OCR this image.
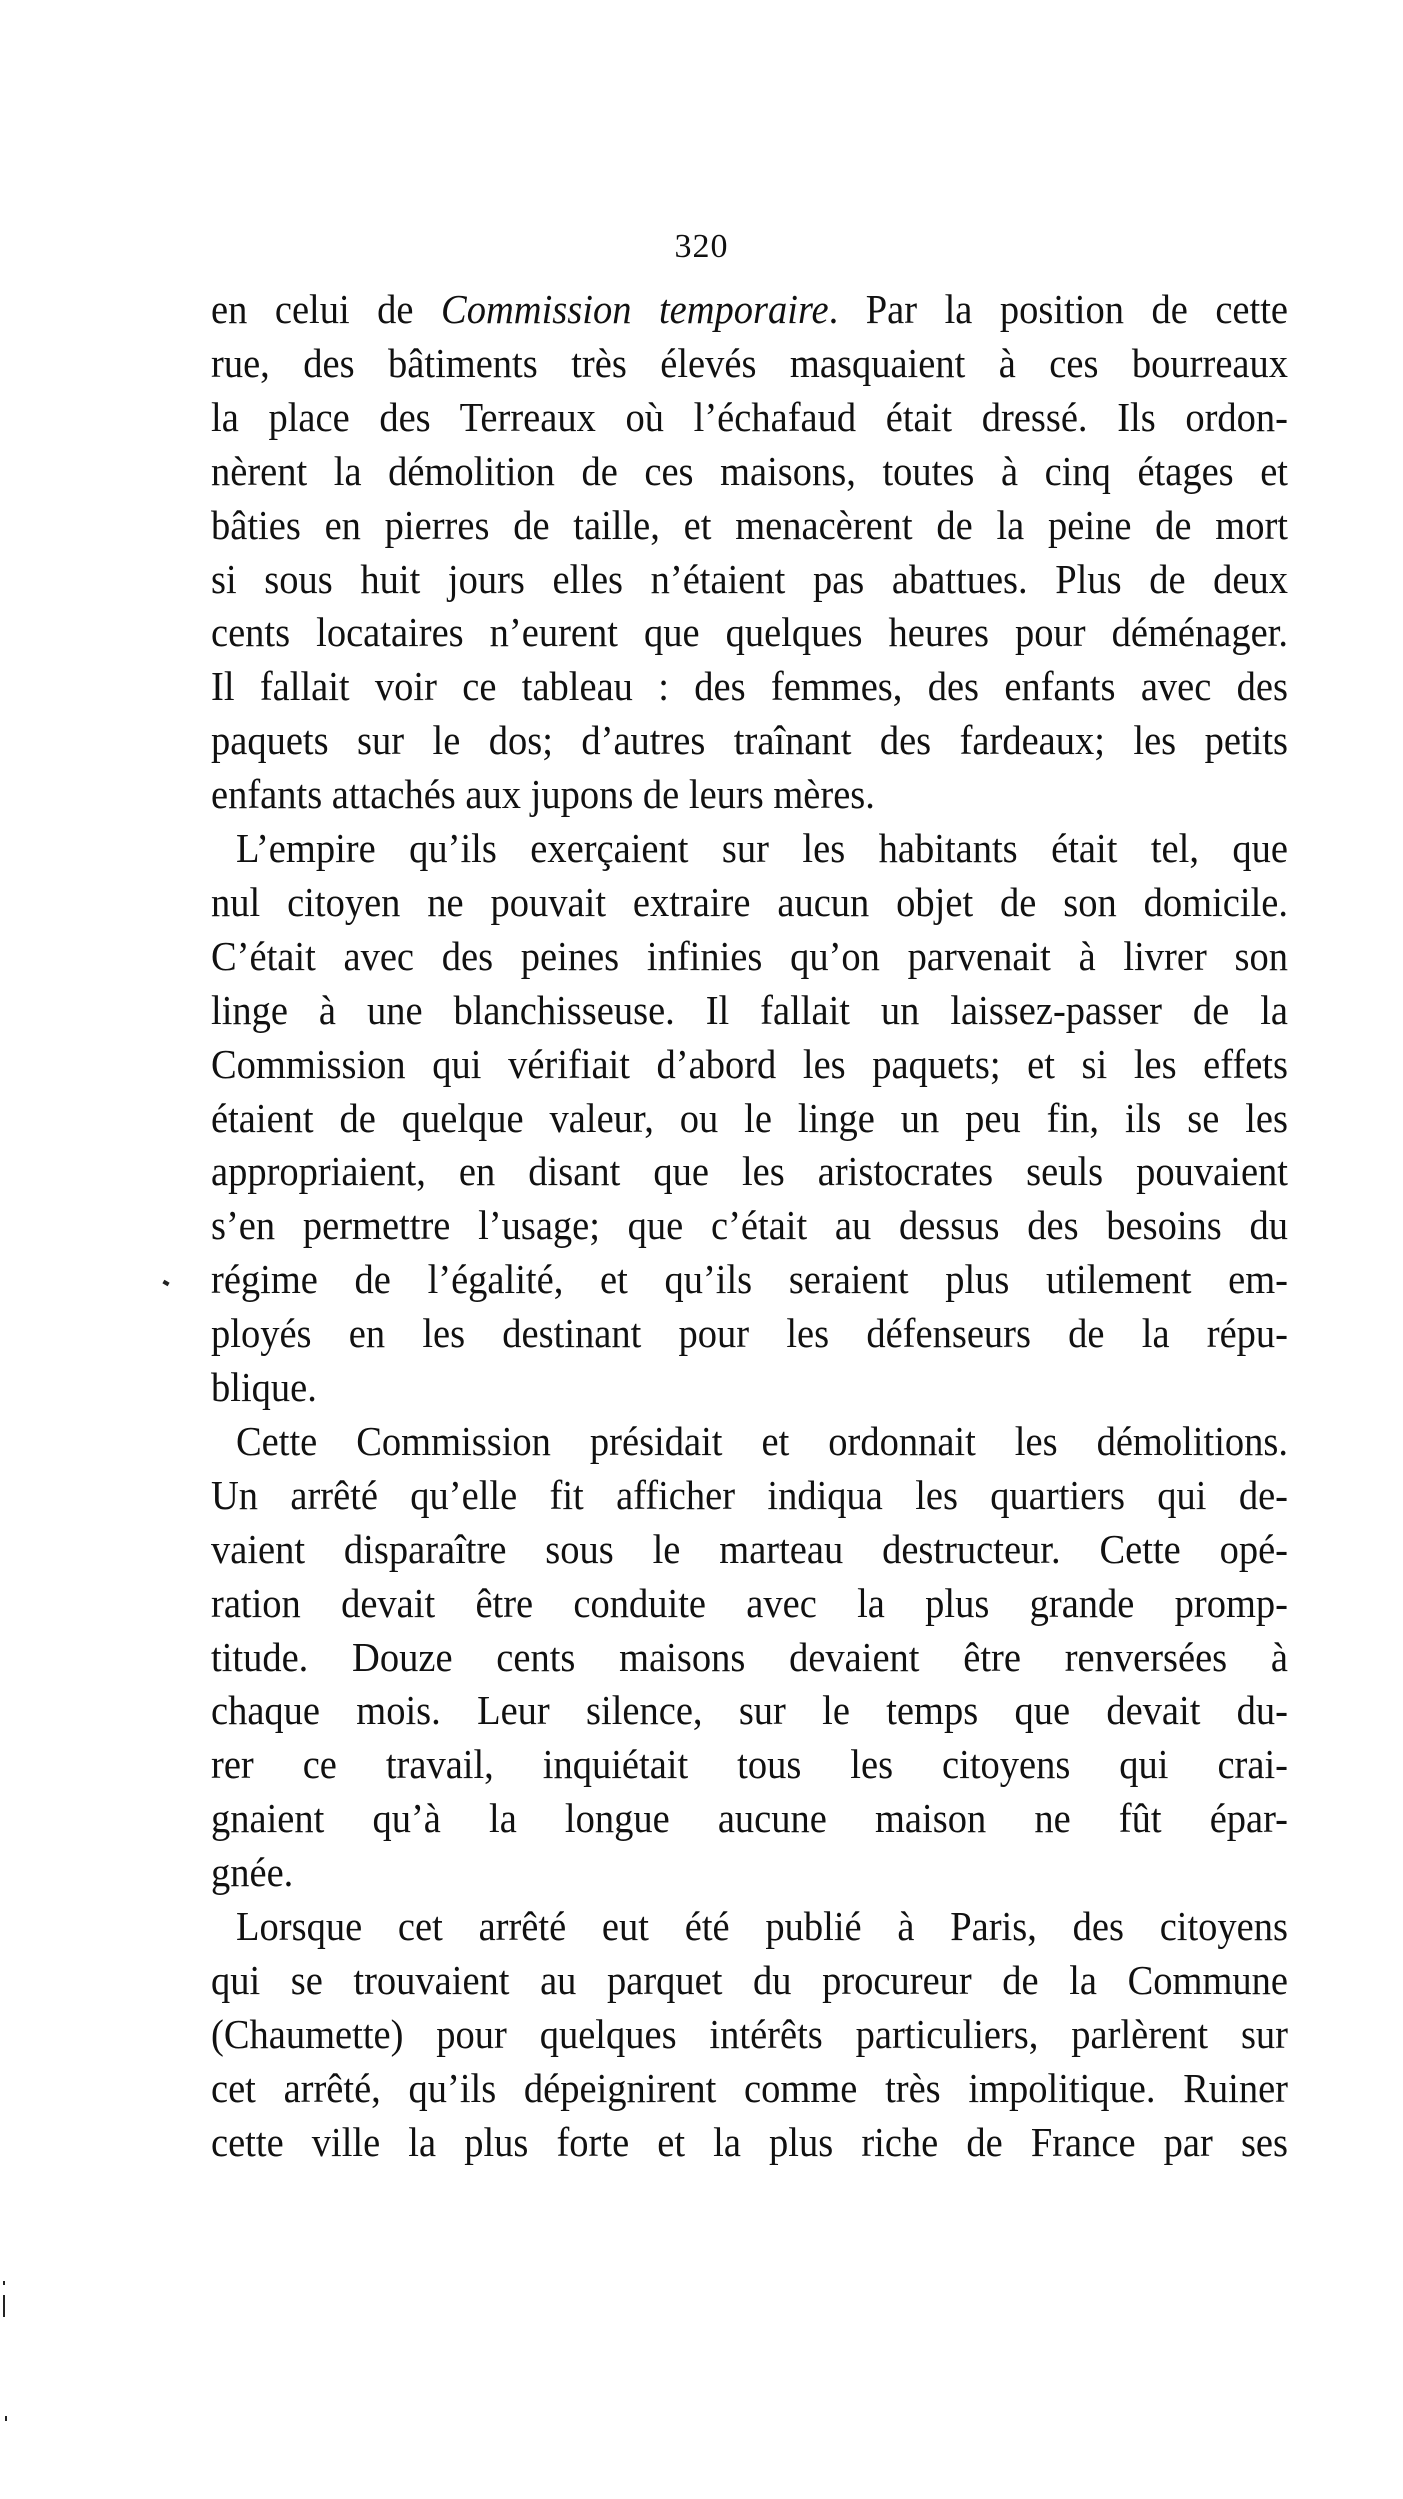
320
en celui de Commission temporaire. Par la position de cette
rue, des bâtiments très élevés masquaient à ces bourreaux
la place des Terreaux où l’échafaud était dressé. Ils ordon-
nèrent la démolition de ces maisons, toutes à cinq étages et
bâties en pierres de taille, et menacèrent de la peine de mort
si sous huit jours elles n’étaient pas abattues. Plus de deux
cents locataires n’eurent que quelques heures pour déménager.
Il fallait voir ce tableau : des femmes, des enfants avec des
paquets sur le dos; d’autres traînant des fardeaux; les petits
enfants attachés aux jupons de leurs mères.
L’empire qu’ils exerçaient sur les habitants était tel, que
nul citoyen ne pouvait extraire aucun objet de son domicile.
C’était avec des peines infinies qu’on parvenait à livrer son
linge à une blanchisseuse. Il fallait un laissez-passer de la
Commission qui vérifiait d’abord les paquets; et si les effets
étaient de quelque valeur, ou le linge un peu fin, ils se les
appropriaient, en disant que les aristocrates seuls pouvaient
s’en permettre l’usage; que c’était au dessus des besoins du
régime de l’égalité, et qu’ils seraient plus utilement em-
ployés en les destinant pour les défenseurs de la répu-
blique.
Cette Commission présidait et ordonnait les démolitions.
Un arrêté qu’elle fit afficher indiqua les quartiers qui de-
vaient disparaître sous le marteau destructeur. Cette opé-
ration devait être conduite avec la plus grande promp-
titude. Douze cents maisons devaient être renversées à
chaque mois. Leur silence, sur le temps que devait du-
rer ce travail, inquiétait tous les citoyens qui crai-
gnaient qu’à la longue aucune maison ne fût épar-
gnée.
Lorsque cet arrêté eut été publié à Paris, des citoyens
qui se trouvaient au parquet du procureur de la Commune
(Chaumette) pour quelques intérêts particuliers, parlèrent sur
cet arrêté, qu’ils dépeignirent comme très impolitique. Ruiner
cette ville la plus forte et la plus riche de France par ses
